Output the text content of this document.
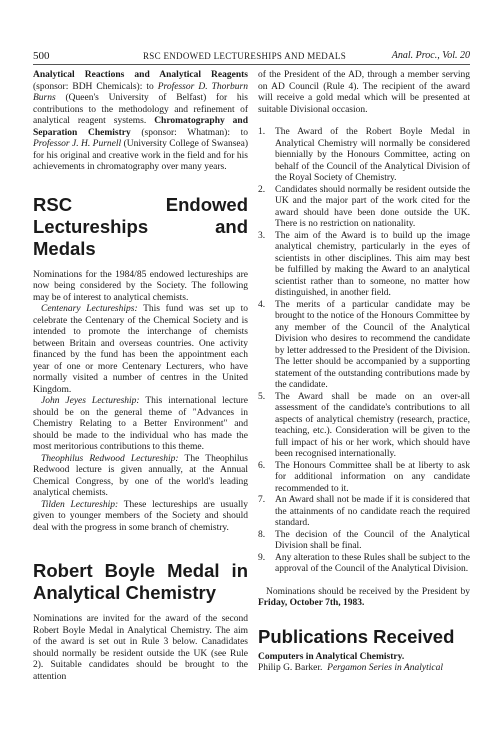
500	RSC ENDOWED LECTURESHIPS AND MEDALS	Anal. Proc., Vol. 20

Analytical Reactions and Analytical Reagents (sponsor: BDH Chemicals): to Professor D. Thorburn Burns (Queen's University of Belfast) for his contributions to the methodology and refinement of analytical reagent systems. Chromatography and Separation Chemistry (sponsor: Whatman): to Professor J. H. Purnell (University College of Swansea) for his original and creative work in the field and for his achievements in chromatography over many years.

RSC Endowed Lectureships and Medals

Nominations for the 1984/85 endowed lectureships are now being considered by the Society. The following may be of interest to analytical chemists.

Centenary Lectureships: This fund was set up to celebrate the Centenary of the Chemical Society and is intended to promote the interchange of chemists between Britain and overseas countries. One activity financed by the fund has been the appointment each year of one or more Centenary Lecturers, who have normally visited a number of centres in the United Kingdom.

John Jeyes Lectureship: This international lecture should be on the general theme of "Advances in Chemistry Relating to a Better Environment" and should be made to the individual who has made the most meritorious contributions to this theme.

Theophilus Redwood Lectureship: The Theophilus Redwood lecture is given annually, at the Annual Chemical Congress, by one of the world's leading analytical chemists.

Tilden Lectureship: These lectureships are usually given to younger members of the Society and should deal with the progress in some branch of chemistry.

Robert Boyle Medal in Analytical Chemistry

Nominations are invited for the award of the second Robert Boyle Medal in Analytical Chemistry. The aim of the award is set out in Rule 3 below. Canadidates should normally be resident outside the UK (see Rule 2). Suitable candidates should be brought to the attention

of the President of the AD, through a member serving on AD Council (Rule 4). The recipient of the award will receive a gold medal which will be presented at suitable Divisional occasion.

1. The Award of the Robert Boyle Medal in Analytical Chemistry will normally be considered biennially by the Honours Committee, acting on behalf of the Council of the Analytical Division of the Royal Society of Chemistry.
2. Candidates should normally be resident outside the UK and the major part of the work cited for the award should have been done outside the UK. There is no restriction on nationality.
3. The aim of the Award is to build up the image analytical chemistry, particularly in the eyes of scientists in other disciplines. This aim may best be fulfilled by making the Award to an analytical scientist rather than to someone, no matter how distinguished, in another field.
4. The merits of a particular candidate may be brought to the notice of the Honours Committee by any member of the Council of the Analytical Division who desires to recommend the candidate by letter addressed to the President of the Division. The letter should be accompanied by a supporting statement of the outstanding contributions made by the candidate.
5. The Award shall be made on an over-all assessment of the candidate's contributions to all aspects of analytical chemistry (research, practice, teaching, etc.). Consideration will be given to the full impact of his or her work, which should have been recognised internationally.
6. The Honours Committee shall be at liberty to ask for additional information on any candidate recommended to it.
7. An Award shall not be made if it is considered that the attainments of no candidate reach the required standard.
8. The decision of the Council of the Analytical Division shall be final.
9. Any alteration to these Rules shall be subject to the approval of the Council of the Analytical Division.

Nominations should be received by the President by Friday, October 7th, 1983.

Publications Received

Computers in Analytical Chemistry.

Philip G. Barker. Pergamon Series in Analytical
